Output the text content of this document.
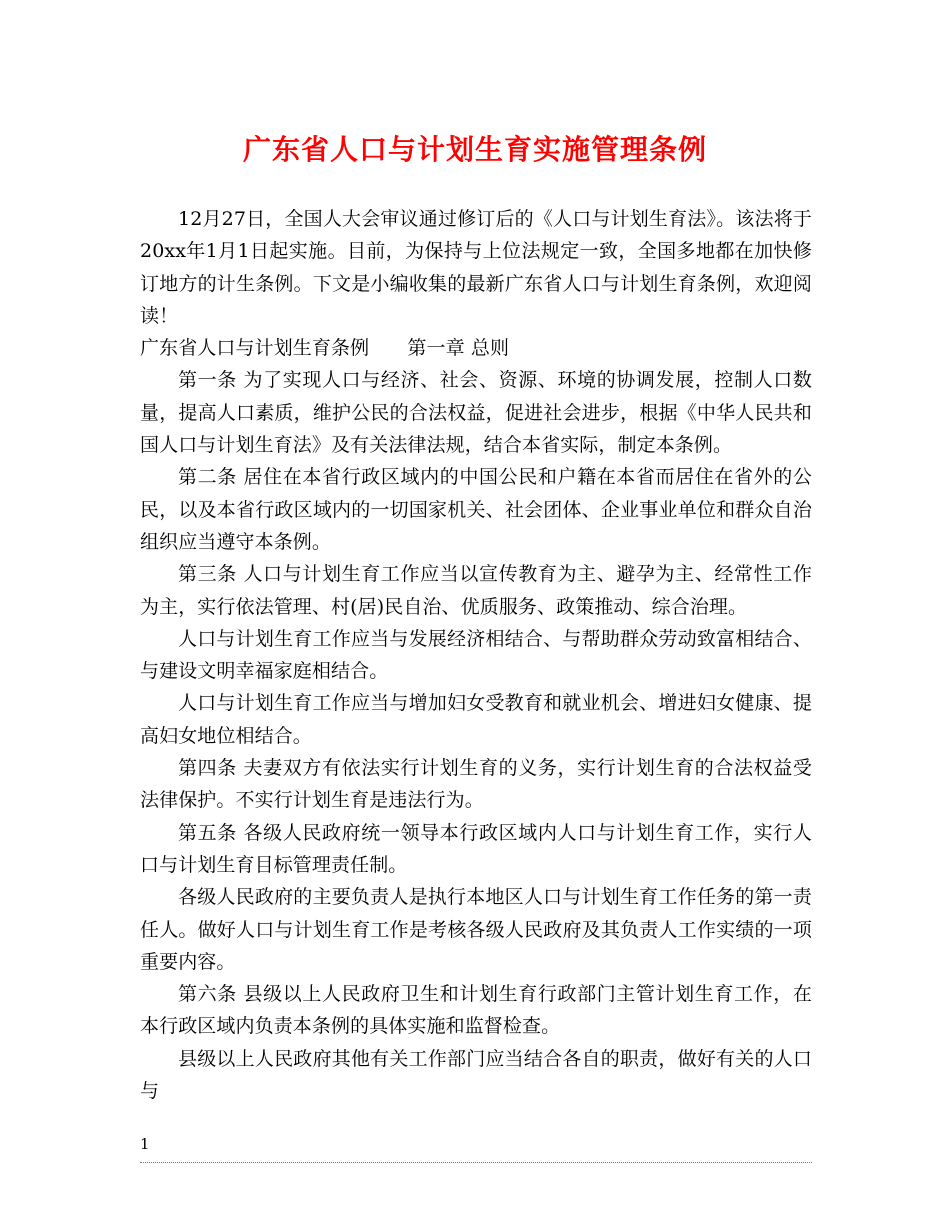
广东省人口与计划生育实施管理条例

12月27日，全国人大会审议通过修订后的《人口与计划生育法》。该法将于20xx年1月1日起实施。目前，为保持与上位法规定一致，全国多地都在加快修订地方的计生条例。下文是小编收集的最新广东省人口与计划生育条例，欢迎阅读！

广东省人口与计划生育条例　　第一章 总则

第一条 为了实现人口与经济、社会、资源、环境的协调发展，控制人口数量，提高人口素质，维护公民的合法权益，促进社会进步，根据《中华人民共和国人口与计划生育法》及有关法律法规，结合本省实际，制定本条例。

第二条 居住在本省行政区域内的中国公民和户籍在本省而居住在省外的公民，以及本省行政区域内的一切国家机关、社会团体、企业事业单位和群众自治组织应当遵守本条例。

第三条 人口与计划生育工作应当以宣传教育为主、避孕为主、经常性工作为主，实行依法管理、村(居)民自治、优质服务、政策推动、综合治理。

人口与计划生育工作应当与发展经济相结合、与帮助群众劳动致富相结合、与建设文明幸福家庭相结合。

人口与计划生育工作应当与增加妇女受教育和就业机会、增进妇女健康、提高妇女地位相结合。

第四条 夫妻双方有依法实行计划生育的义务，实行计划生育的合法权益受法律保护。不实行计划生育是违法行为。

第五条 各级人民政府统一领导本行政区域内人口与计划生育工作，实行人口与计划生育目标管理责任制。

各级人民政府的主要负责人是执行本地区人口与计划生育工作任务的第一责任人。做好人口与计划生育工作是考核各级人民政府及其负责人工作实绩的一项重要内容。

第六条 县级以上人民政府卫生和计划生育行政部门主管计划生育工作，在本行政区域内负责本条例的具体实施和监督检查。

县级以上人民政府其他有关工作部门应当结合各自的职责，做好有关的人口与

1
